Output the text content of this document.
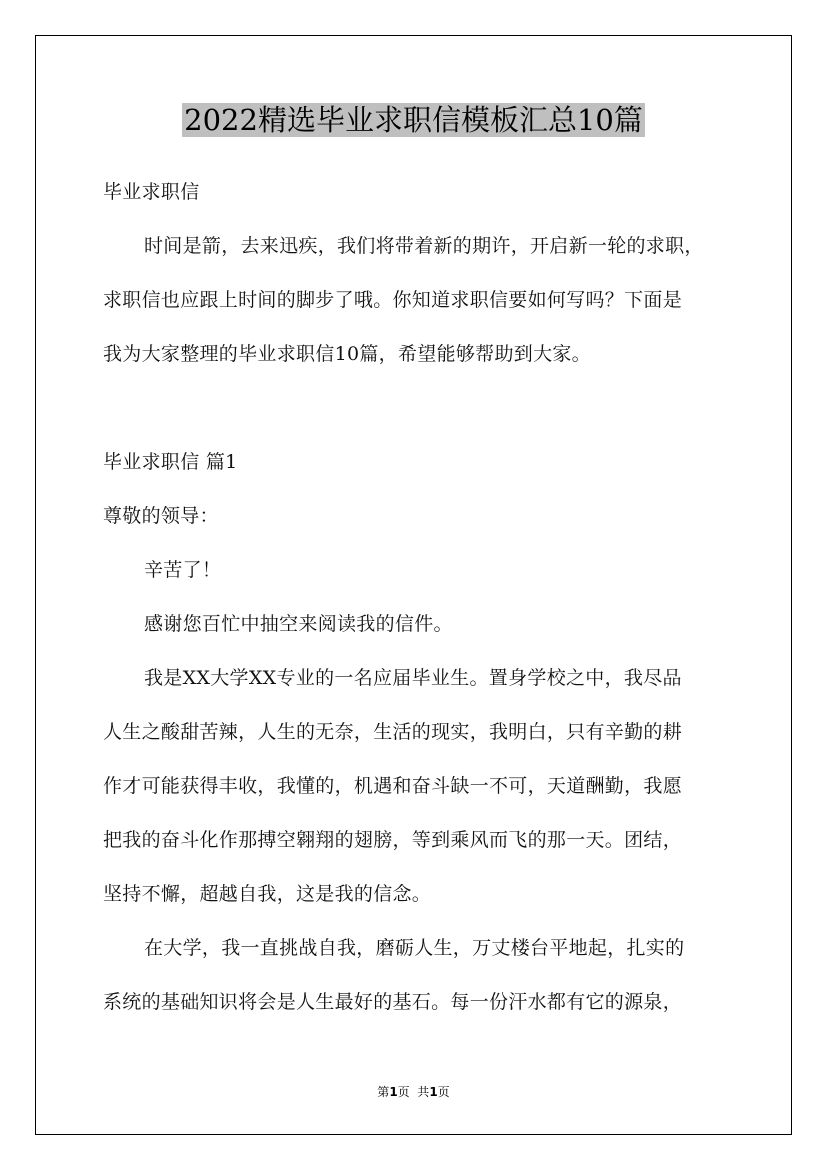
2022精选毕业求职信模板汇总10篇
毕业求职信
时间是箭，去来迅疾，我们将带着新的期许，开启新一轮的求职，
求职信也应跟上时间的脚步了哦。你知道求职信要如何写吗？下面是
我为大家整理的毕业求职信10篇，希望能够帮助到大家。
毕业求职信 篇1
尊敬的领导：
辛苦了！
感谢您百忙中抽空来阅读我的信件。
我是XX大学XX专业的一名应届毕业生。置身学校之中，我尽品
人生之酸甜苦辣，人生的无奈，生活的现实，我明白，只有辛勤的耕
作才可能获得丰收，我懂的，机遇和奋斗缺一不可，天道酬勤，我愿
把我的奋斗化作那搏空翱翔的翅膀，等到乘风而飞的那一天。团结，
坚持不懈，超越自我，这是我的信念。
在大学，我一直挑战自我，磨砺人生，万丈楼台平地起，扎实的
系统的基础知识将会是人生最好的基石。每一份汗水都有它的源泉，
第1页  共1页
